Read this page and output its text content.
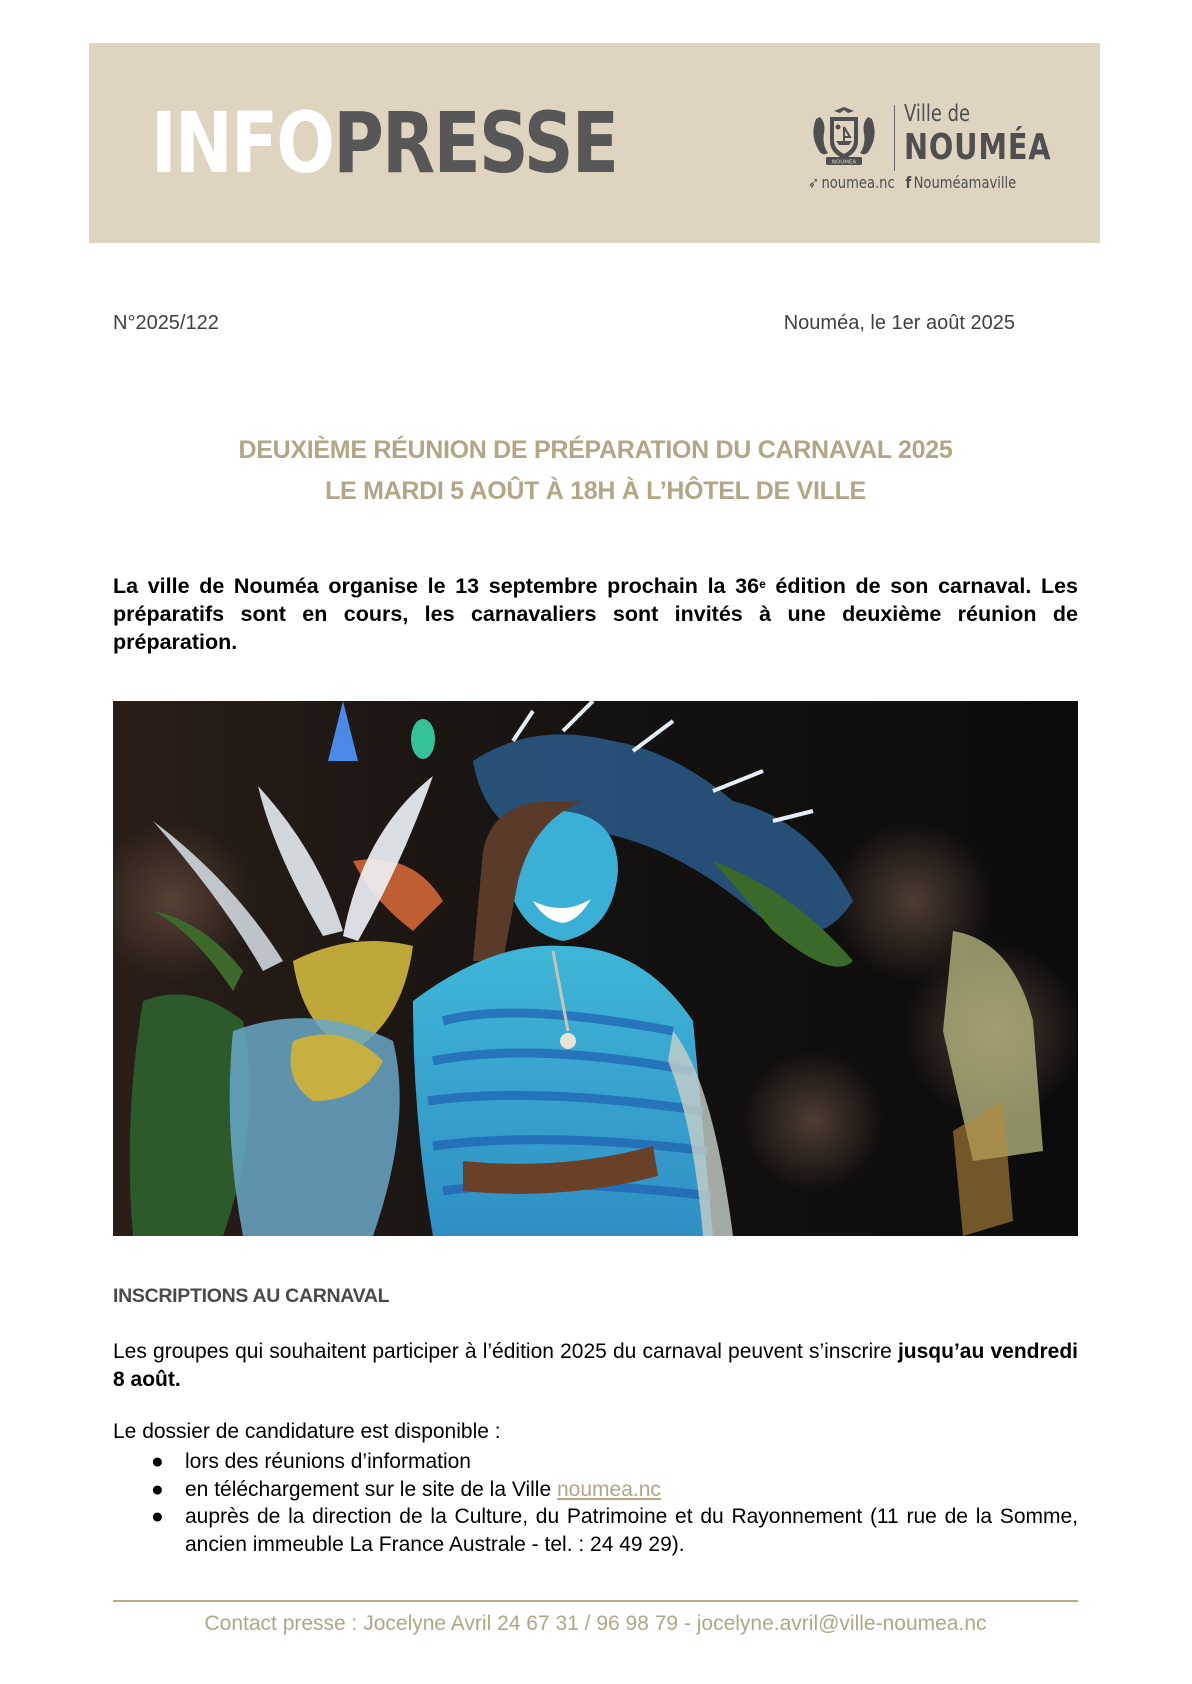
INFOPRESSE	NOUMEA
Ville de
NOUMÉA
➶ noumea.nc f Nouméamaville
N°2025/122	Nouméa, le 1er août 2025
DEUXIÈME RÉUNION DE PRÉPARATION DU CARNAVAL 2025
LE MARDI 5 AOÛT À 18H À L’HÔTEL DE VILLE
La ville de Nouméa organise le 13 septembre prochain la 36e édition de son carnaval. Les préparatifs sont en cours, les carnavaliers sont invités à une deuxième réunion de préparation.
INSCRIPTIONS AU CARNAVAL
Les groupes qui souhaitent participer à l’édition 2025 du carnaval peuvent s’inscrire jusqu’au vendredi 8 août.
Le dossier de candidature est disponible :
● lors des réunions d’information
● en téléchargement sur le site de la Ville noumea.nc
● auprès de la direction de la Culture, du Patrimoine et du Rayonnement (11 rue de la Somme, ancien immeuble La France Australe - tel. : 24 49 29).
Contact presse : Jocelyne Avril 24 67 31 / 96 98 79 - jocelyne.avril@ville-noumea.nc
